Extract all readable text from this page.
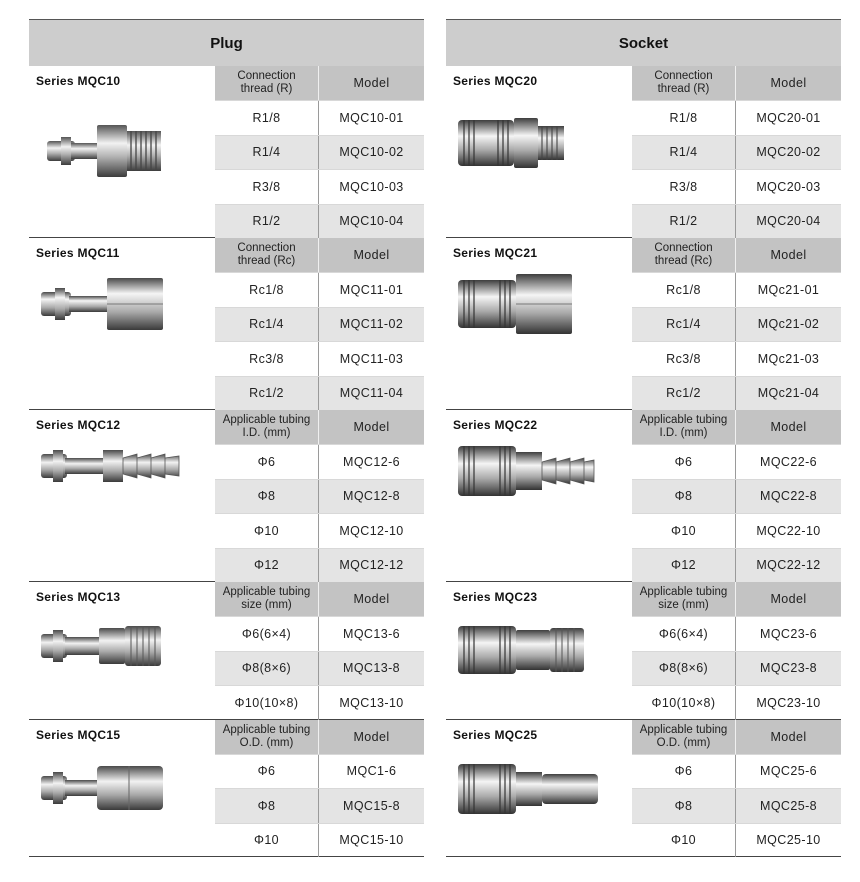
Plug
Series MQC10	Connection
thread (R)	Model
R1/8	MQC10-01
R1/4	MQC10-02
R3/8	MQC10-03
R1/2	MQC10-04
Series MQC11	Connection
thread (Rc)	Model
Rc1/8	MQC11-01
Rc1/4	MQC11-02
Rc3/8	MQC11-03
Rc1/2	MQC11-04
Series MQC12	Applicable tubing
I.D. (mm)	Model
Φ6	MQC12-6
Φ8	MQC12-8
Φ10	MQC12-10
Φ12	MQC12-12
Series MQC13	Applicable tubing
size (mm)	Model
Φ6(6×4)	MQC13-6
Φ8(8×6)	MQC13-8
Φ10(10×8)	MQC13-10
Series MQC15	Applicable tubing
O.D. (mm)	Model
Φ6	MQC1-6
Φ8	MQC15-8
Φ10	MQC15-10
Socket
Series MQC20	Connection
thread (R)	Model
R1/8	MQC20-01
R1/4	MQC20-02
R3/8	MQC20-03
R1/2	MQC20-04
Series MQC21	Connection
thread (Rc)	Model
Rc1/8	MQc21-01
Rc1/4	MQc21-02
Rc3/8	MQc21-03
Rc1/2	MQc21-04
Series MQC22	Applicable tubing
I.D. (mm)	Model
Φ6	MQC22-6
Φ8	MQC22-8
Φ10	MQC22-10
Φ12	MQC22-12
Series MQC23	Applicable tubing
size (mm)	Model
Φ6(6×4)	MQC23-6
Φ8(8×6)	MQC23-8
Φ10(10×8)	MQC23-10
Series MQC25	Applicable tubing
O.D. (mm)	Model
Φ6	MQC25-6
Φ8	MQC25-8
Φ10	MQC25-10
